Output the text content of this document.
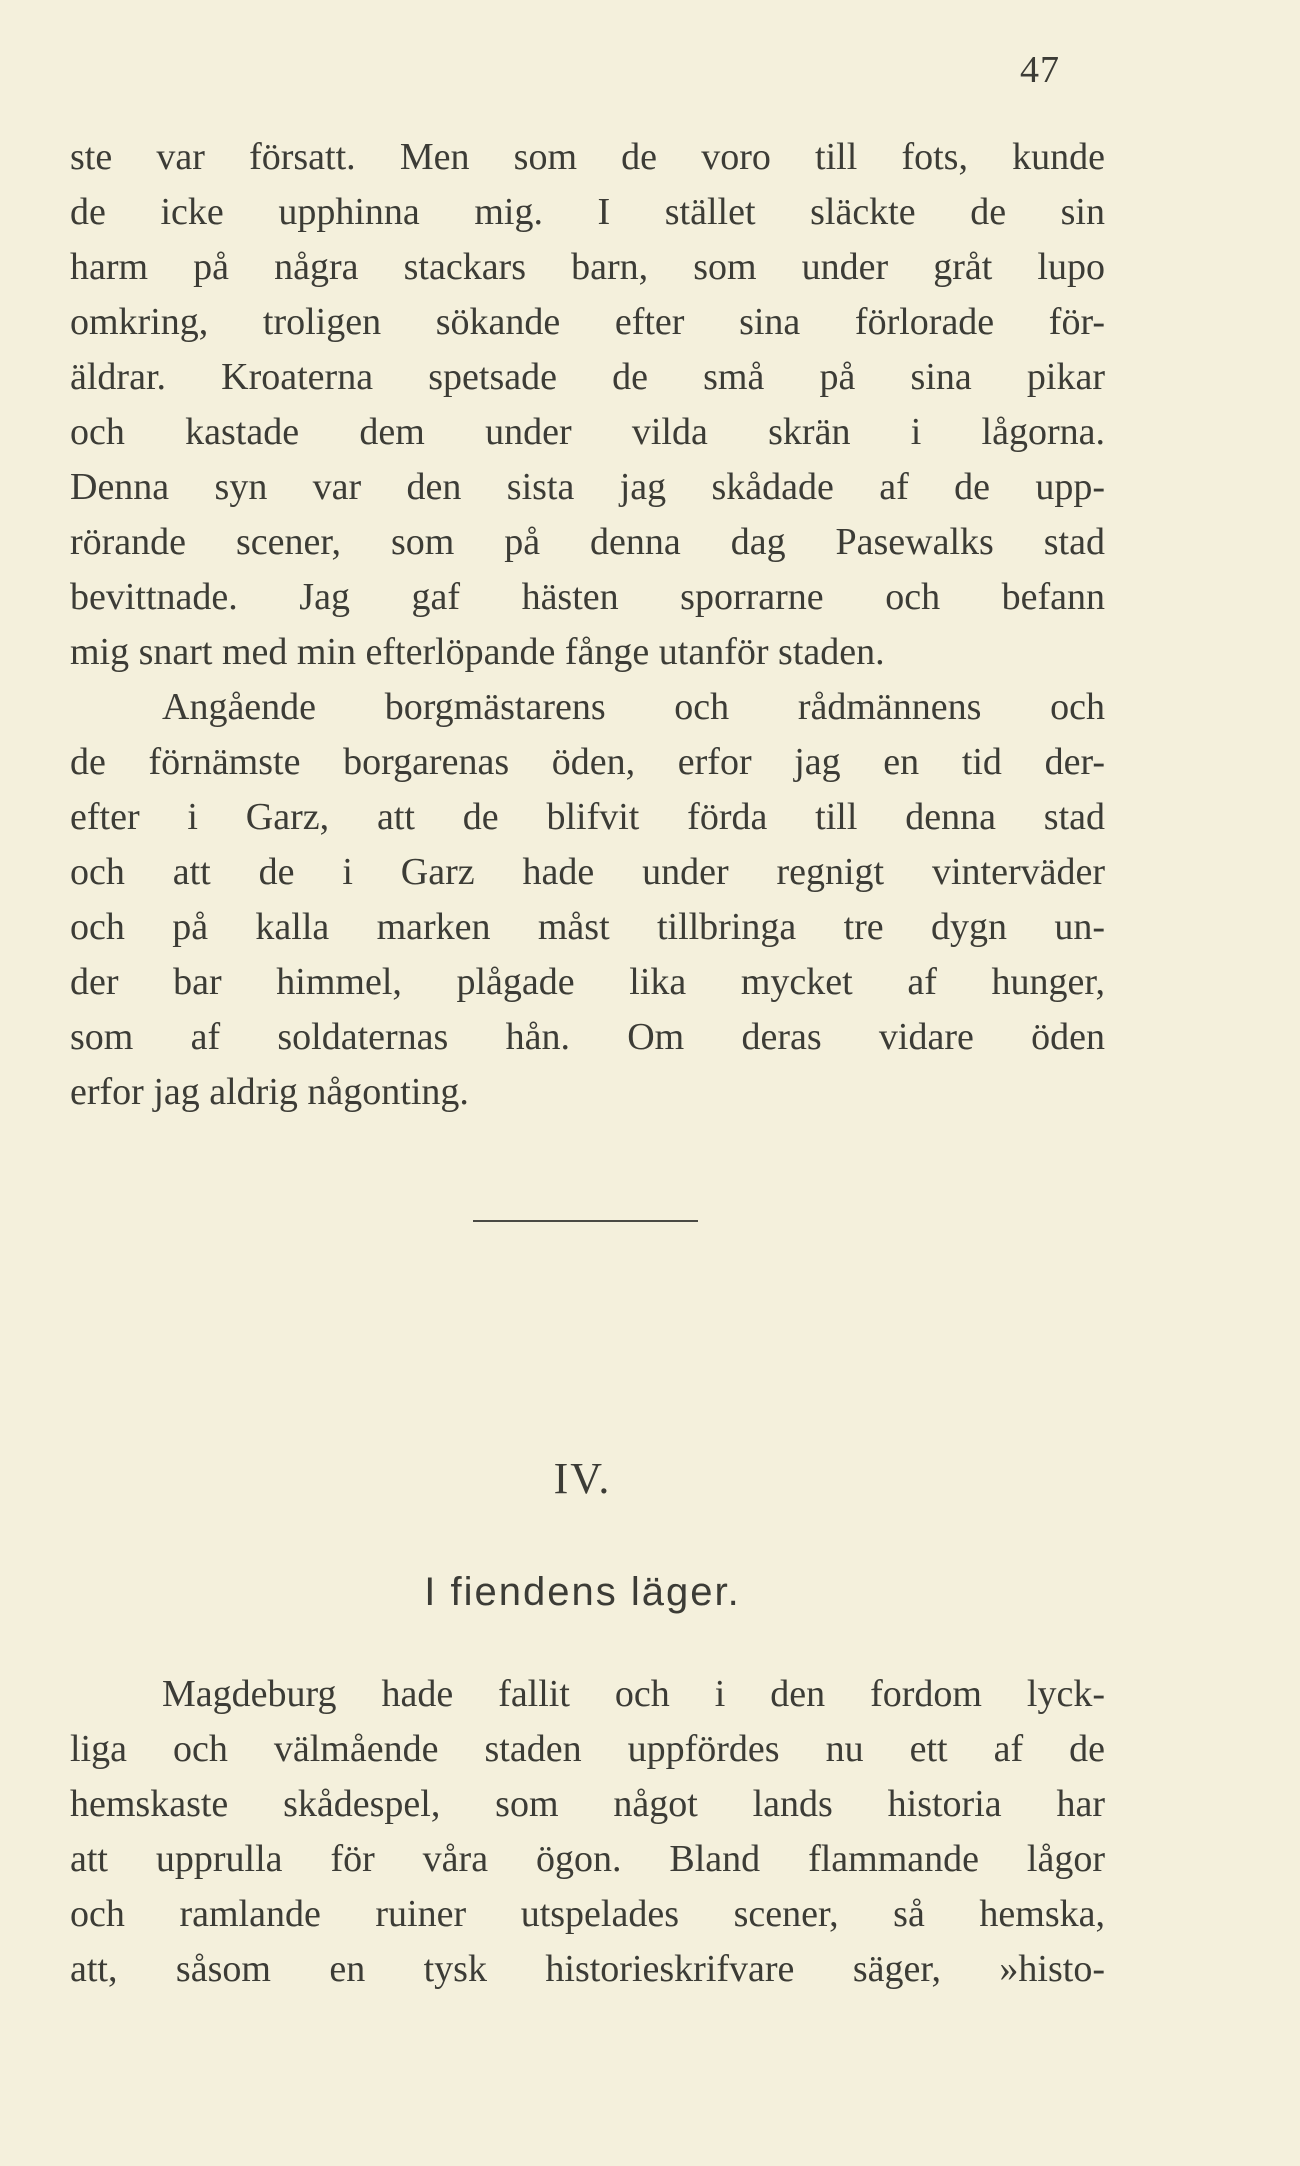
47
ste var försatt. Men som de voro till fots, kunde
de icke upphinna mig. I stället släckte de sin
harm på några stackars barn, som under gråt lupo
omkring, troligen sökande efter sina förlorade för-
äldrar. Kroaterna spetsade de små på sina pikar
och kastade dem under vilda skrän i lågorna.
Denna syn var den sista jag skådade af de upp-
rörande scener, som på denna dag Pasewalks stad
bevittnade. Jag gaf hästen sporrarne och befann
mig snart med min efterlöpande fånge utanför staden.
Angående borgmästarens och rådmännens och
de förnämste borgarenas öden, erfor jag en tid der-
efter i Garz, att de blifvit förda till denna stad
och att de i Garz hade under regnigt vinterväder
och på kalla marken måst tillbringa tre dygn un-
der bar himmel, plågade lika mycket af hunger,
som af soldaternas hån. Om deras vidare öden
erfor jag aldrig någonting.
IV.
I fiendens läger.
Magdeburg hade fallit och i den fordom lyck-
liga och välmående staden uppfördes nu ett af de
hemskaste skådespel, som något lands historia har
att upprulla för våra ögon. Bland flammande lågor
och ramlande ruiner utspelades scener, så hemska,
att, såsom en tysk historieskrifvare säger, »histo-
